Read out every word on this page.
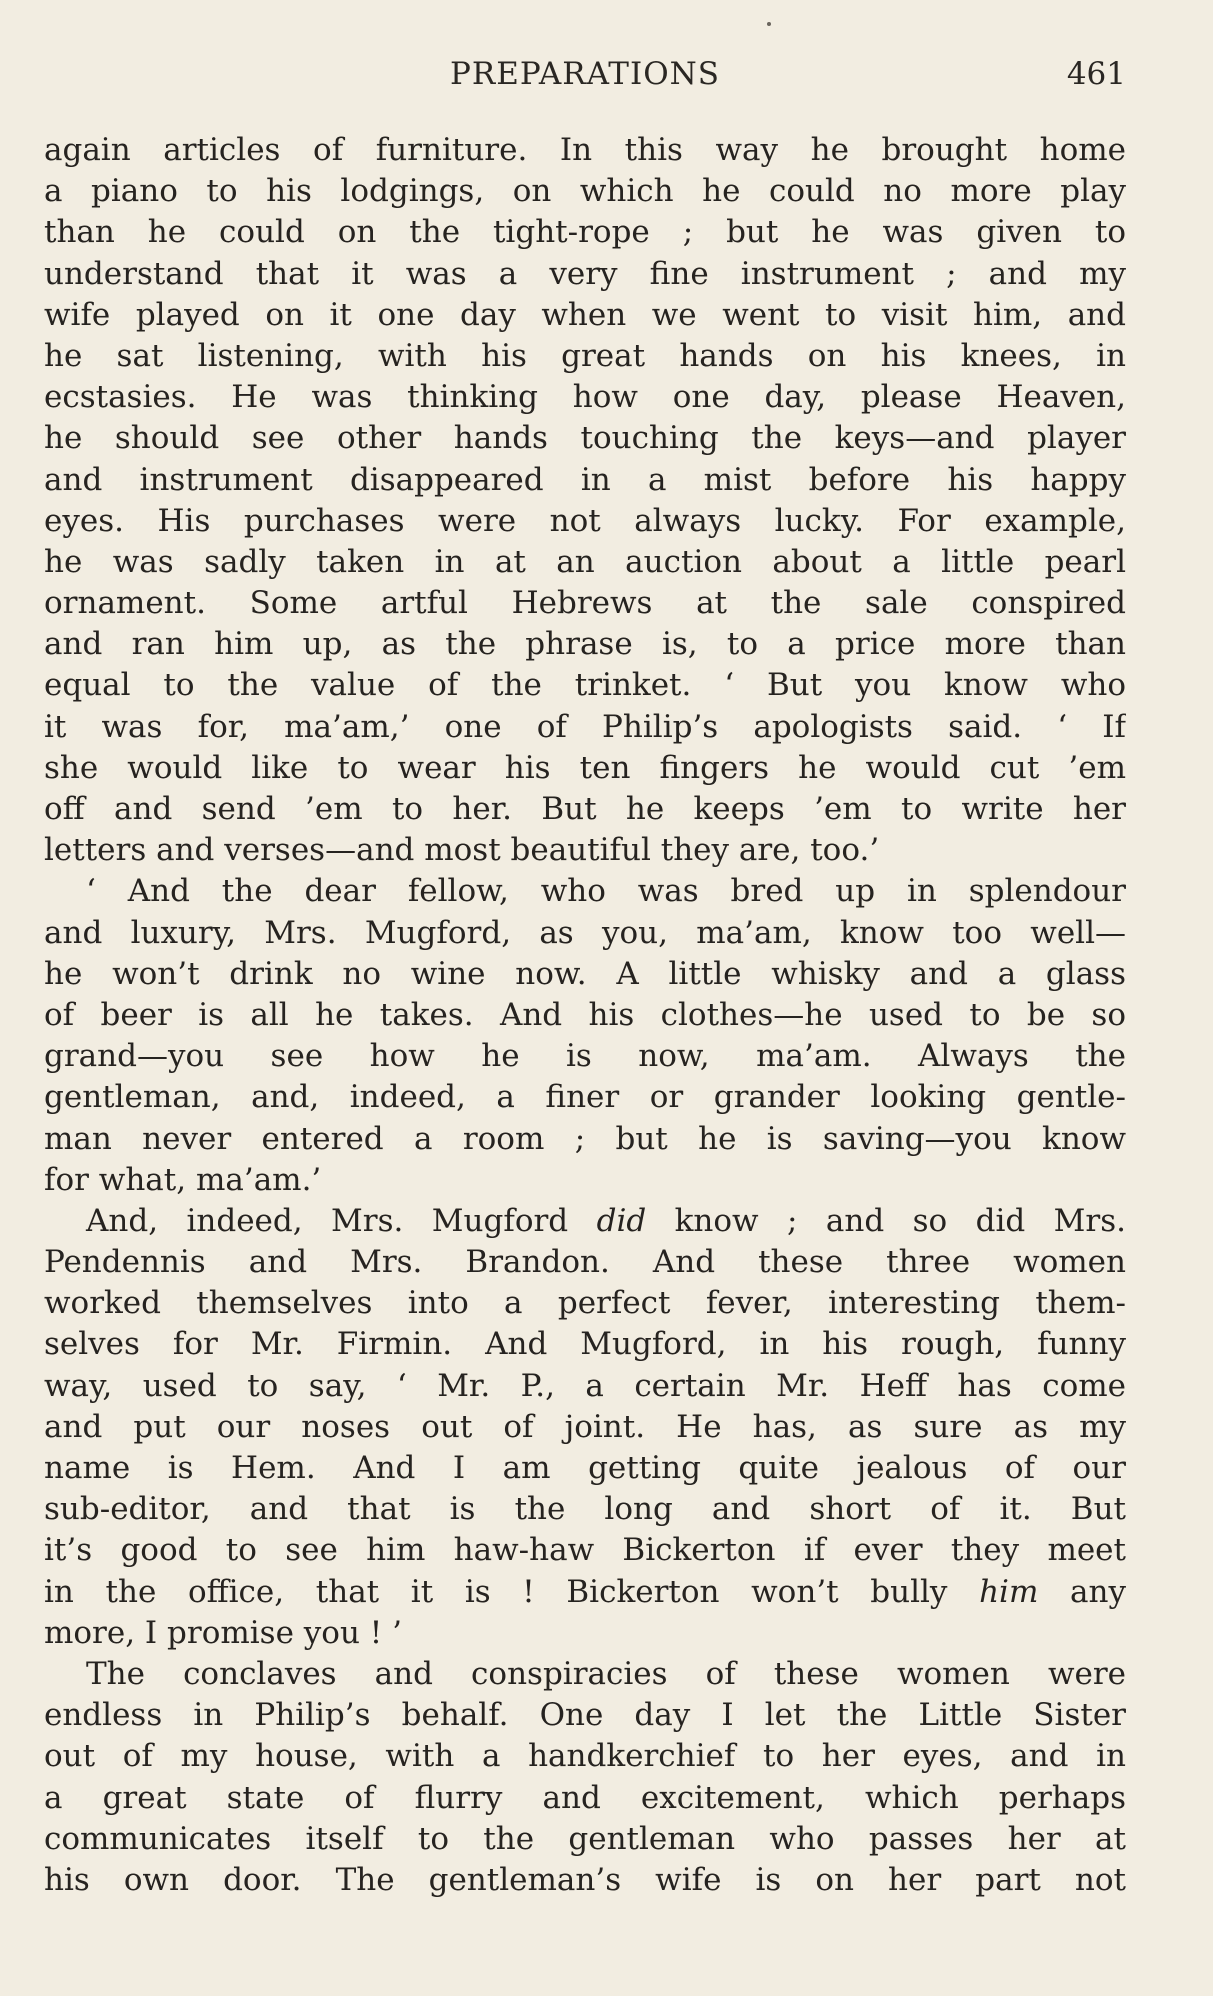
PREPARATIONS	461
again articles of furniture. In this way he brought home
a piano to his lodgings, on which he could no more play
than he could on the tight-rope ; but he was given to
understand that it was a very fine instrument ; and my
wife played on it one day when we went to visit him, and
he sat listening, with his great hands on his knees, in
ecstasies. He was thinking how one day, please Heaven,
he should see other hands touching the keys—and player
and instrument disappeared in a mist before his happy
eyes. His purchases were not always lucky. For example,
he was sadly taken in at an auction about a little pearl
ornament. Some artful Hebrews at the sale conspired
and ran him up, as the phrase is, to a price more than
equal to the value of the trinket. ‘ But you know who
it was for, ma’am,’ one of Philip’s apologists said. ‘ If
she would like to wear his ten fingers he would cut ’em
off and send ’em to her. But he keeps ’em to write her
letters and verses—and most beautiful they are, too.’
‘ And the dear fellow, who was bred up in splendour
and luxury, Mrs. Mugford, as you, ma’am, know too well—
he won’t drink no wine now. A little whisky and a glass
of beer is all he takes. And his clothes—he used to be so
grand—you see how he is now, ma’am. Always the
gentleman, and, indeed, a finer or grander looking gentle-
man never entered a room ; but he is saving—you know
for what, ma’am.’
And, indeed, Mrs. Mugford did know ; and so did Mrs.
Pendennis and Mrs. Brandon. And these three women
worked themselves into a perfect fever, interesting them-
selves for Mr. Firmin. And Mugford, in his rough, funny
way, used to say, ‘ Mr. P., a certain Mr. Heff has come
and put our noses out of joint. He has, as sure as my
name is Hem. And I am getting quite jealous of our
sub-editor, and that is the long and short of it. But
it’s good to see him haw-haw Bickerton if ever they meet
in the office, that it is ! Bickerton won’t bully him any
more, I promise you ! ’
The conclaves and conspiracies of these women were
endless in Philip’s behalf. One day I let the Little Sister
out of my house, with a handkerchief to her eyes, and in
a great state of flurry and excitement, which perhaps
communicates itself to the gentleman who passes her at
his own door. The gentleman’s wife is on her part not
